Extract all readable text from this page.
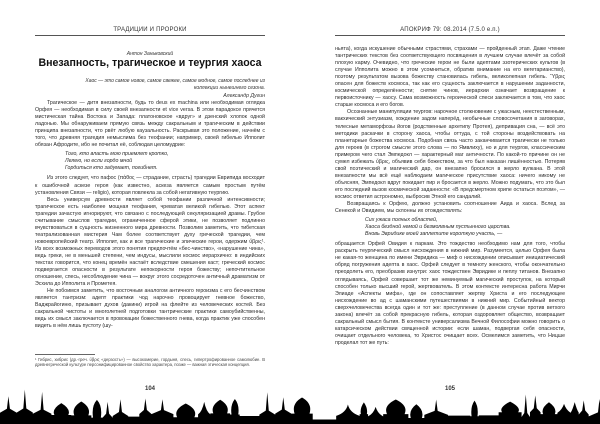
ТРАДИЦИИ И ПРОРОКИ
Антон Заньковский
Внезапность, трагическое и теургия хаоса
Хаос — это самое новое, самое свежее, самое модное, самое последнее из коллекции нынешнего сезона.
Александр Дугин

Трагическое — дитя внезапности, будь то deus ex machina или необходимая оглядка Орфея — необходимая в силу своей внезапности et vice versa. В этом парадоксе прячется мистическая тайна Востока и Запада: платоновское «вдруг» и дзенский хлопок одной ладонью. Мы обнаруживаем прямую связь между сакральным и трагическим в действии принципа внезапности, что рвёт любую каузальность. Раскрывая это положение, начнём с того, что древняя трагедия немыслима без теофании; например, своей гибелью Ипполит обязан Афродите, ибо не почитал её, соблюдая целомудрие:

Того, кто власть мою приемлет кротко,
Лелею, но если гордо мной
Гордиться кто задумает, погибнет.

Из этого следует, что пафос (πάθος — страдание, страсть) трагедии Еврипида восходит к ошибочной аскезе героя (как известно, аскеза является самым простым путём установления Связи — religio), которая повлекла за собой негативную теургию.

Весь универсум древности являет собой теофании различной интенсивности; трагическое есть наиболее мощная теофания, чреватая великой гибелью. Этот аспект трагедии зачастую игнорируют, что связано с последующей секуляризацией драмы. Грубое считывание смыслов трагедии, ограниченное сферой этики, не позволяет подлинно вчувствоваться в сущность жизненного мира древности. Позволим заметить, что тибетская театрализованная мистерия Чам более соответствует духу греческой трагедии, чем новоевропейский театр. Ипполит, как и все трагические и эпические герои, одержим ὕβρις¹. Из всех возможных переводов этого понятия предпочтём «бес-чинство», «нарушение чина», ведь греки, не в меньшей степени, чем индусы, мыслили космос иерархично: в индийских текстах говорится, что конец времён настаёт вследствие смешения каст; греческий космос подвергается опасности в результате непокорности героя божеству; непочтительное отношение, спесь, несоблюдение чина — вокруг этого сосредоточен античный драматизм от Эсхила до Ипполита и Прометея.

Не побоимся заметить, что восточным аналогом античного героизма с его бесчинством является тантризм: адепт практики чод нарочно провоцирует гневное божество, Ваджрайогиню, призывает духов (дакини) игрой на флейте из человеческих костей. Без сакральной чистоты и многолетней подготовки тантрические практики самоубийственны, ведь их смысл заключается в провокации божественного гнева, когда практик уже способен видеть в нём лишь пустоту (шу-

¹ Гибрис, хибрис (др.-греч. ὕβρις «дерзость») — высокомерие, гордыня, спесь, гипертрофированное самолюбие. В древнегреческой культуре персонифицированное свойство характера, позже — важная этическая концепция.
104
АПОКРИФ 79: 08.2014 (7.5.0 е.п.)

ньята), когда искушение обычными страстями, страхами — пройденный этап. Даже чтение тантрических текстов без соответствующего посвящения в лучшем случае влечёт за собой плохую карму. Очевидно, что греческие герои не были адептами эзотерических культов (в случае Ипполита можно в этом усомниться, обратив внимание на его вегетарианство), поэтому результатом вызова божеству становилась гибель, великолепная гибель. Ὕβρις опасен для божеств космоса, так как его сущность заключается в нарушении заданности, космической определённости; снятие чинов, иерархии означает возвращение к первоисточнику — хаосу. Сама возможность героической спеси заключается в том, что хаос старше космоса и его богов.

Осознанные манипуляции теургов: нарочное столкновение с ужасным, неестественным, вакхический энтузиазм, хождение задом наперёд, необычные словосочетания в заговорах, телесные метаморфозы йогов (родственные архетипу Протея), депривация сна, — всё это методики раскачки в сторону хаоса, чтобы оттуда, с той стороны воздействовать на планетарные божества космоса. Подобная связь часто заканчивается трагически не только для героев (в строгом смысле этого слова — по Ямвлиху), но и для теургов, классическим примером чего стал Эмпедокл — характерный маг античности. По какой-то причине он не сумел избежать ὕβρις, объявив себя божеством, за что был наказан лишённостью. Потеряв свой поэтический и магический дар, он внезапно бросился в жерло вулкана. В этой внезапности мы всё ещё наблюдаем магическое присутствие хаоса: ничего никому не объясняя, Эмпедокл вдруг покидает пир и бросается в жерло. Можно подумать, что это был его последний вызов космической заданности: «В предсмертном хрипе остаться поэтом», — космос ответил астрономно, выбросив Этной его сандалий.

Возвращаясь к Орфею, должно установить соотношение Аида и хаоса. Вслед за Сенекой и Овидием, мы склонны их отождествлять:

Сих ужаса полных областей,
Хаоса бездной немой и безмолвным пустынного царства.
Вновь Эвридике моей заплетите короткую участь, —

обращается Орфей Овидия к паркам. Это тождество необходимо нам для того, чтобы раскрыть теургический смысл нисхождения в нижний мир. Разумеется, целью Орфея была не какая-то женщина по имени Эвридика — миф о нисхождении описывает инициатический обряд погружения адепта в хаос. Орфей следует в темноту женского, чтобы окончательно преодолеть его, преобразив изнутри: хаос тождествен Эвридике и пеплу титанов. Внезапно оглядываясь, Орфей совершает тот же неминуемый магический проступок, на который способен только высший герой, жертвователь. В этом контексте интересна работа Мирчи Элиаде «Аспекты мифа», где он сопоставляет жертву Христа и его последующее нисхождение во ад с шаманскими путешествиями в нижний мир. Событийный вектор сверхчеловечества всегда один и тот же: преступление (в данном случае против ветхого закона) влечёт за собой прекрасную гибель, которая оздоровляет общество, возвращает сакральный смысл бытия. В контексте универсализма Вечной Философии можно говорить о катарсическом действии священной истории: если шаман, подвергая себя опасности, очищает отдельного человека, то Христос очищает всех. Осмелимся заметить, что Ницше проделал тот же путь:

105
